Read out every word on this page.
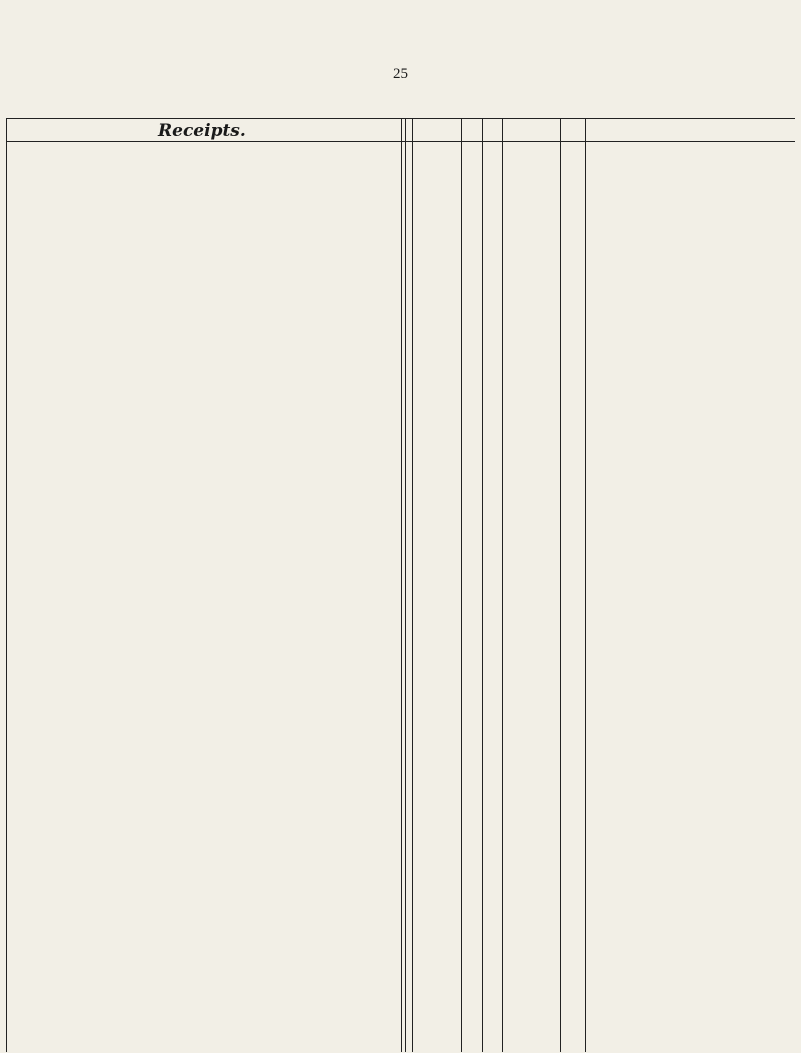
25
Receipts.
